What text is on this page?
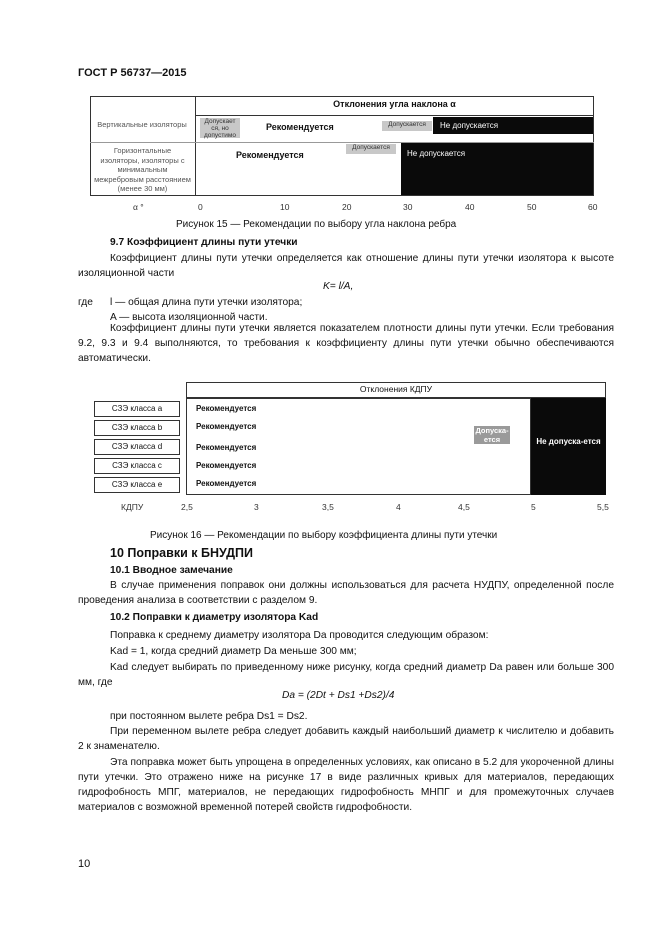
ГОСТ Р 56737—2015
Отклонения угла наклона α
Вертикальные изоляторы
Горизонтальные
изоляторы, изоляторы с
минимальным
межребровым расстоянием
(менее 30 мм)
Допускает ся, но допустимо
Рекомендуется	Допускается	Не допускается
Рекомендуется
Допускается
Не допускается
α °	0	10	20	30	40	50	60
Рисунок 15 — Рекомендации по выбору угла наклона ребра
9.7 Коэффициент длины пути утечки
Коэффициент длины пути утечки определяется как отношение длины пути утечки изолятора к высоте изоляционной части
K= l/A,
где l — общая длина пути утечки изолятора;
A — высота изоляционной части.
Коэффициент длины пути утечки является показателем плотности длины пути утечки. Если требования 9.2, 9.3 и 9.4 выполняются, то требования к коэффициенту длины пути утечки обычно обеспечиваются автоматически.
Отклонения КДПУ
СЗЭ класса a
СЗЭ класса b
СЗЭ класса d
СЗЭ класса c
СЗЭ класса e
Рекомендуется
Рекомендуется
Рекомендуется
Рекомендуется
Рекомендуется
Допуска-ется	Не допуска-ется
КДПУ	2,5	3	3,5	4	4,5	5	5,5
Рисунок 16 — Рекомендации по выбору коэффициента длины пути утечки
10 Поправки к БНУДПИ
10.1 Вводное замечание
В случае применения поправок они должны использоваться для расчета НУДПУ, определенной после проведения анализа в соответствии с разделом 9.
10.2 Поправки к диаметру изолятора Kad
Поправка к среднему диаметру изолятора Da проводится следующим образом:
Kad = 1, когда средний диаметр Da меньше 300 мм;
Kad следует выбирать по приведенному ниже рисунку, когда средний диаметр Da равен или больше 300 мм, где
Da = (2Dt + Ds1 +Ds2)/4
при постоянном вылете ребра Ds1 = Ds2.
При переменном вылете ребра следует добавить каждый наибольший диаметр к числителю и добавить 2 к знаменателю.
Эта поправка может быть упрощена в определенных условиях, как описано в 5.2 для укороченной длины пути утечки. Это отражено ниже на рисунке 17 в виде различных кривых для материалов, передающих гидрофобность МПГ, материалов, не передающих гидрофобность МНПГ и для промежуточных случаев материалов с возможной временной потерей свойств гидрофобности.
10
